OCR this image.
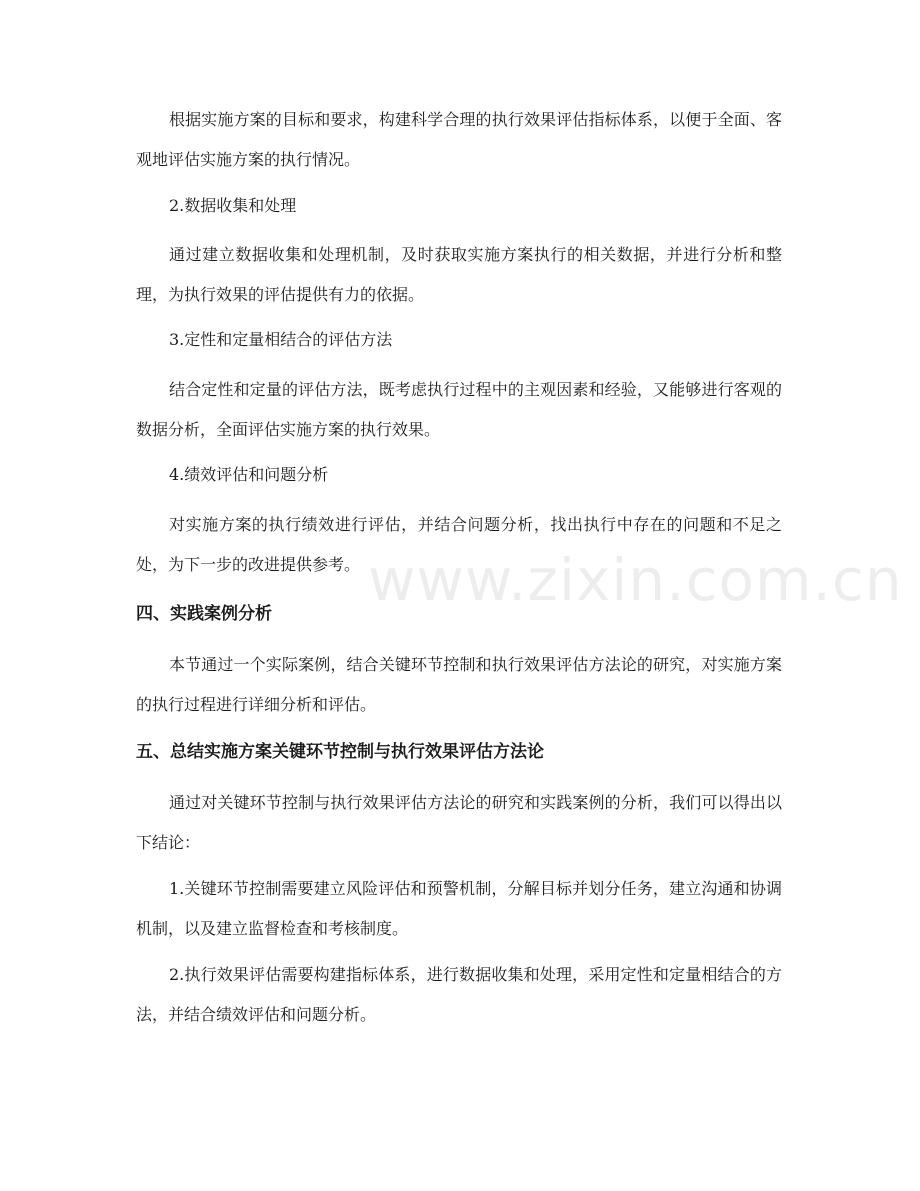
根据实施方案的目标和要求，构建科学合理的执行效果评估指标体系，以便于全面、客观地评估实施方案的执行情况。

2.数据收集和处理

通过建立数据收集和处理机制，及时获取实施方案执行的相关数据，并进行分析和整理，为执行效果的评估提供有力的依据。

3.定性和定量相结合的评估方法

结合定性和定量的评估方法，既考虑执行过程中的主观因素和经验，又能够进行客观的数据分析，全面评估实施方案的执行效果。

4.绩效评估和问题分析

对实施方案的执行绩效进行评估，并结合问题分析，找出执行中存在的问题和不足之处，为下一步的改进提供参考。

四、实践案例分析

本节通过一个实际案例，结合关键环节控制和执行效果评估方法论的研究，对实施方案的执行过程进行详细分析和评估。

五、总结实施方案关键环节控制与执行效果评估方法论

通过对关键环节控制与执行效果评估方法论的研究和实践案例的分析，我们可以得出以下结论：

1.关键环节控制需要建立风险评估和预警机制，分解目标并划分任务，建立沟通和协调机制，以及建立监督检查和考核制度。

2.执行效果评估需要构建指标体系，进行数据收集和处理，采用定性和定量相结合的方法，并结合绩效评估和问题分析。

www.zixin.com.cn
